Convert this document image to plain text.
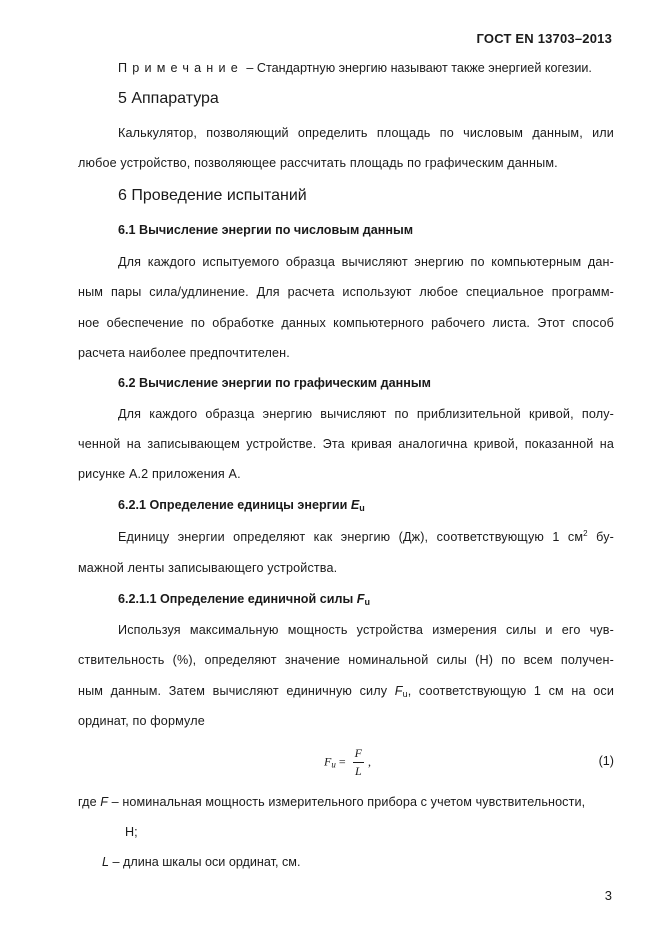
ГОСТ EN 13703–2013
Примечание – Стандартную энергию называют также энергией когезии.
5 Аппаратура
Калькулятор, позволяющий определить площадь по числовым данным, или
любое устройство, позволяющее рассчитать площадь по графическим данным.
6 Проведение испытаний
6.1 Вычисление энергии по числовым данным
Для каждого испытуемого образца вычисляют энергию по компьютерным дан-
ным пары сила/удлинение. Для расчета используют любое специальное программ-
ное обеспечение по обработке данных компьютерного рабочего листа. Этот способ
расчета наиболее предпочтителен.
6.2 Вычисление энергии по графическим данным
Для каждого образца энергию вычисляют по приблизительной кривой, полу-
ченной на записывающем устройстве. Эта кривая аналогична кривой, показанной на
рисунке А.2 приложения А.
6.2.1 Определение единицы энергии $E_u$
Единицу энергии определяют как энергию (Дж), соответствующую 1 $см^2$ бу-
мажной ленты записывающего устройства.
6.2.1.1 Определение единичной силы $F_u$
Используя максимальную мощность устройства измерения силы и его чув-
ствительность (%), определяют значение номинальной силы (Н) по всем получен-
ным данным. Затем вычисляют единичную силу $F_u$, соответствующую 1 см на оси
ординат, по формуле
$F_u = \frac{F}{L}$ ,	(1)
где F – номинальная мощность измерительного прибора с учетом чувствительности,
Н;
L – длина шкалы оси ординат, см.
3
